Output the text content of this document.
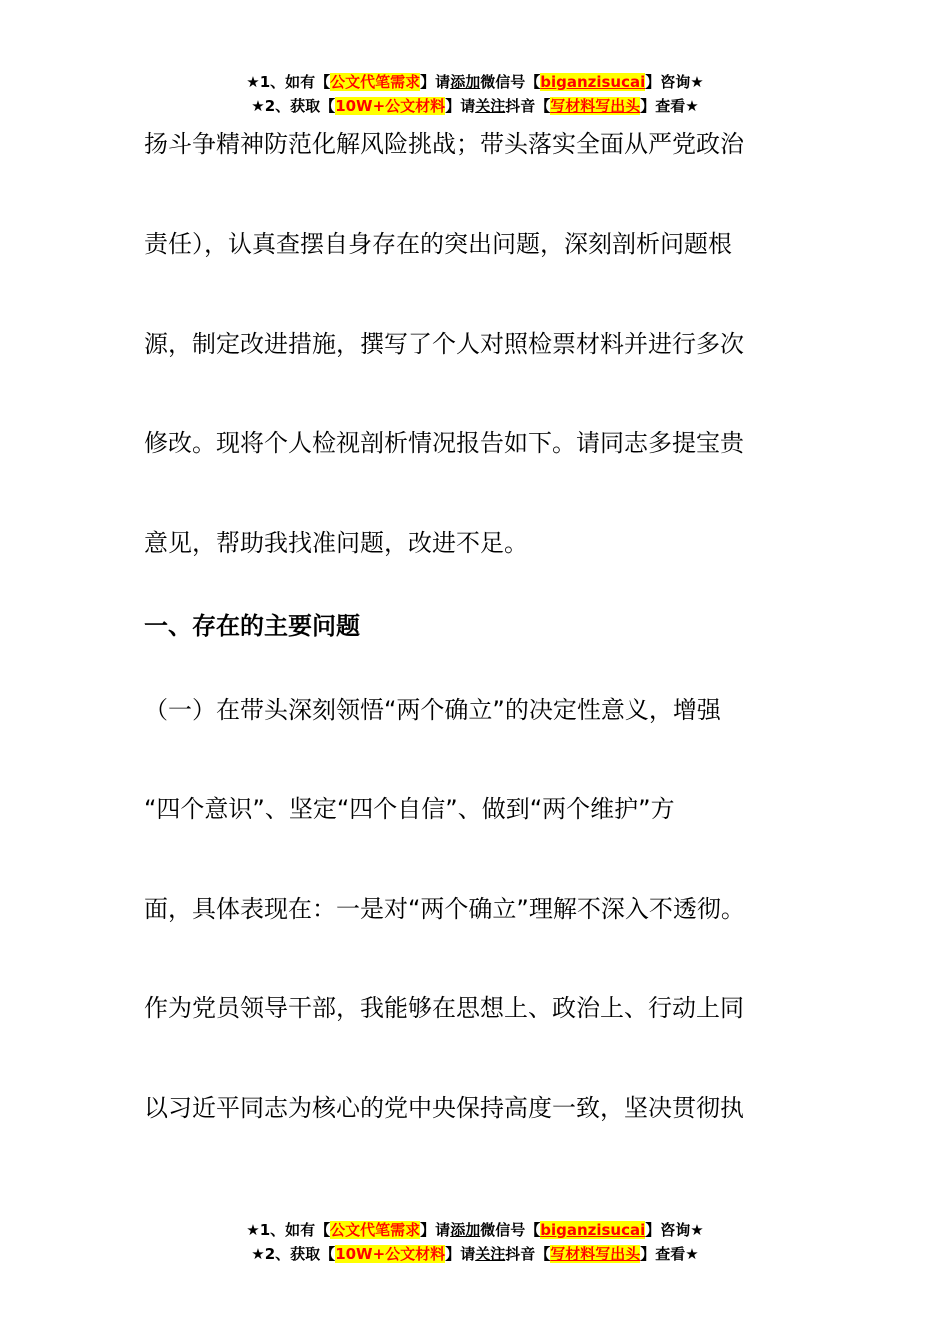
★1、如有【公文代笔需求】请添加微信号【biganzisucai】咨询★
★2、获取【10W+公文材料】请关注抖音【写材料写出头】查看★
扬斗争精神防范化解风险挑战；带头落实全面从严党政治
责任），认真查摆自身存在的突出问题，深刻剖析问题根
源，制定改进措施，撰写了个人对照检票材料并进行多次
修改。现将个人检视剖析情况报告如下。请同志多提宝贵
意见，帮助我找准问题，改进不足。
一、存在的主要问题
（一）在带头深刻领悟“两个确立”的决定性意义，增强
“四个意识”、坚定“四个自信”、做到“两个维护”方
面，具体表现在：一是对“两个确立”理解不深入不透彻。
作为党员领导干部，我能够在思想上、政治上、行动上同
以习近平同志为核心的党中央保持高度一致，坚决贯彻执
★1、如有【公文代笔需求】请添加微信号【biganzisucai】咨询★
★2、获取【10W+公文材料】请关注抖音【写材料写出头】查看★
